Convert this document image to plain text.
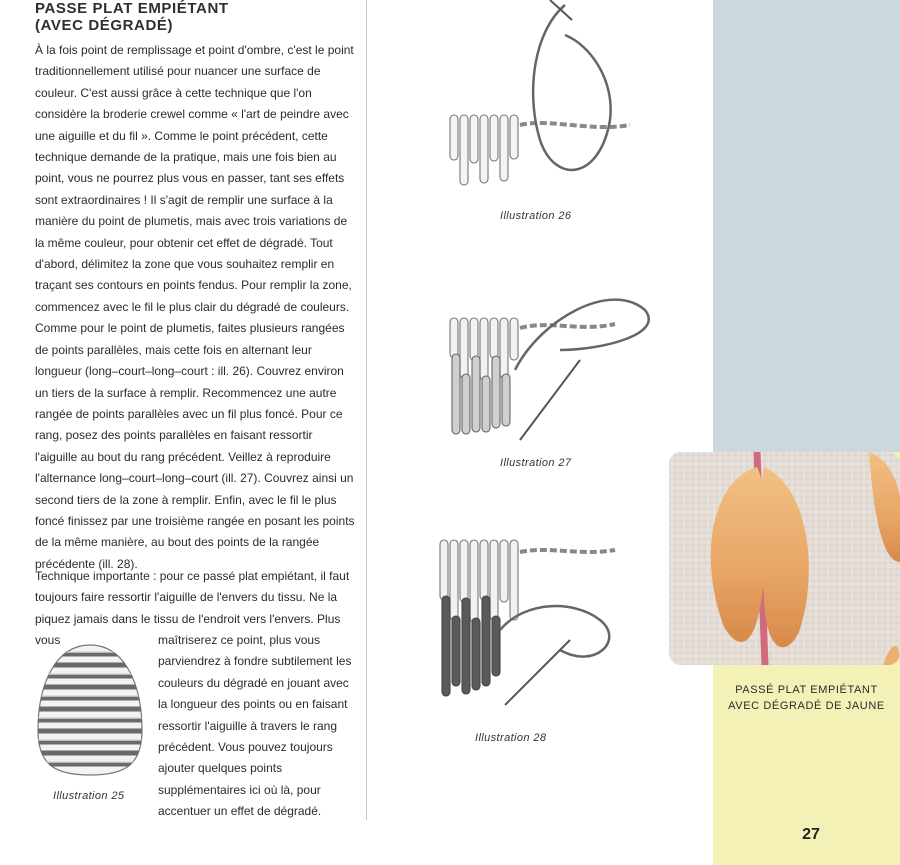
PASSE PLAT EMPIÉTANT
(AVEC DÉGRADÉ)
À la fois point de remplissage et point d'ombre, c'est le point traditionnellement utilisé pour nuancer une surface de couleur. C'est aussi grâce à cette technique que l'on considère la broderie crewel comme « l'art de peindre avec une aiguille et du fil ». Comme le point précédent, cette technique demande de la pratique, mais une fois bien au point, vous ne pourrez plus vous en passer, tant ses effets sont extraordinaires ! Il s'agit de remplir une surface à la manière du point de plumetis, mais avec trois variations de la même couleur, pour obtenir cet effet de dégradé. Tout d'abord, délimitez la zone que vous souhaitez remplir en traçant ses contours en points fendus. Pour remplir la zone, commencez avec le fil le plus clair du dégradé de couleurs. Comme pour le point de plumetis, faites plusieurs rangées de points parallèles, mais cette fois en alternant leur longueur (long–court–long–court : ill. 26). Couvrez environ un tiers de la surface à remplir. Recommencez une autre rangée de points parallèles avec un fil plus foncé. Pour ce rang, posez des points parallèles en faisant ressortir l'aiguille au bout du rang précédent. Veillez à reproduire l'alternance long–court–long–court (ill. 27). Couvrez ainsi un second tiers de la zone à remplir. Enfin, avec le fil le plus foncé finissez par une troisième rangée en posant les points de la même manière, au bout des points de la rangée précédente (ill. 28).
Technique importante : pour ce passé plat empiétant, il faut toujours faire ressortir l'aiguille de l'envers du tissu. Ne la piquez jamais dans le tissu de l'endroit vers l'envers. Plus vous	maîtriserez ce point, plus vous parviendrez à fondre subtilement les couleurs du dégradé en jouant avec la longueur des points ou en faisant ressortir l'aiguille à travers le rang précédent. Vous pouvez toujours ajouter quelques points supplémentaires ici où là, pour accentuer un effet de dégradé.
Illustration 25
Illustration 26
Illustration 27
Illustration 28
PASSÉ PLAT EMPIÉTANT
AVEC DÉGRADÉ DE JAUNE
27
